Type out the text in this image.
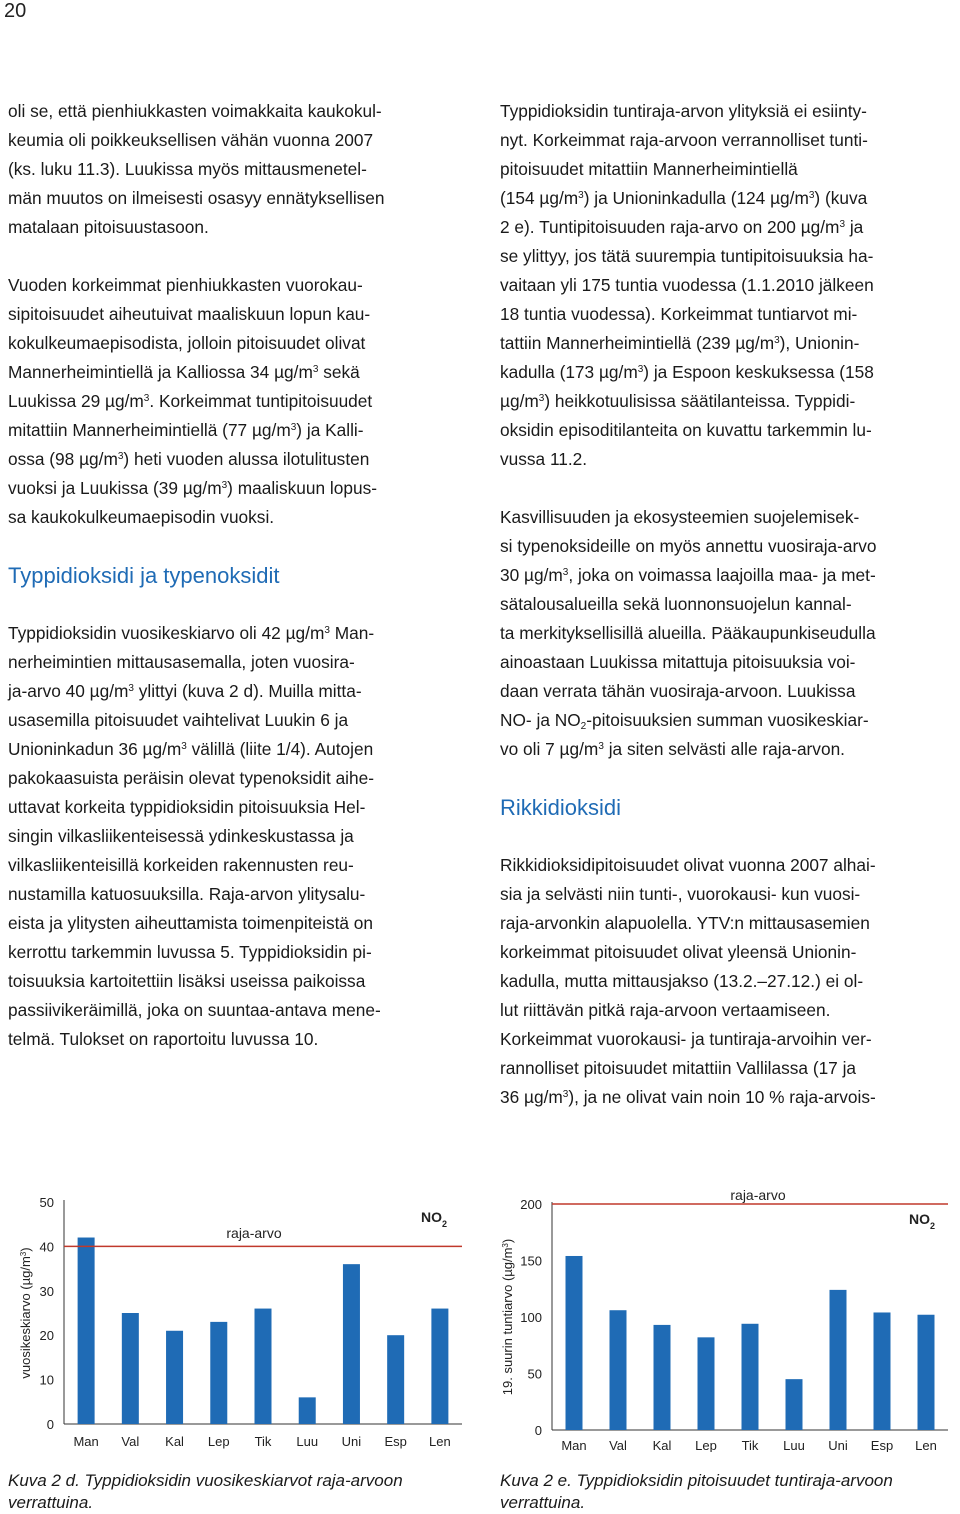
20
oli se, että pienhiukkasten voimakkaita kaukokul-
keumia oli poikkeuksellisen vähän vuonna 2007
(ks. luku 11.3). Luukissa myös mittausmenetel-
män muutos on ilmeisesti osasyy ennätyksellisen
matalaan pitoisuustasoon.
Vuoden korkeimmat pienhiukkasten vuorokau-
sipitoisuudet aiheutuivat maaliskuun lopun kau-
kokulkeumaepisodista, jolloin pitoisuudet olivat
Mannerheimintiellä ja Kalliossa 34 $\mu g/m^3$ sekä
Luukissa 29 $\mu g/m^3$. Korkeimmat tuntipitoisuudet
mitattiin Mannerheimintiellä (77 $\mu g/m^3$) ja Kalli-
ossa (98 $\mu g/m^3$) heti vuoden alussa ilotulitusten
vuoksi ja Luukissa (39 $\mu g/m^3$) maaliskuun lopus-
sa kaukokulkeumaepisodin vuoksi.
Typpidioksidi ja typenoksidit
Typpidioksidin vuosikeskiarvo oli 42 $\mu g/m^3$ Man-
nerheimintien mittausasemalla, joten vuosira-
ja-arvo 40 $\mu g/m^3$ ylittyi (kuva 2 d). Muilla mitta-
usasemilla pitoisuudet vaihtelivat Luukin 6 ja
Unioninkadun 36 $\mu g/m^3$ välillä (liite 1/4). Autojen
pakokaasuista peräisin olevat typenoksidit aihe-
uttavat korkeita typpidioksidin pitoisuuksia Hel-
singin vilkasliikenteisessä ydinkeskustassa ja
vilkasliikenteisillä korkeiden rakennusten reu-
nustamilla katuosuuksilla. Raja-arvon ylitysalu-
eista ja ylitysten aiheuttamista toimenpiteistä on
kerrottu tarkemmin luvussa 5. Typpidioksidin pi-
toisuuksia kartoitettiin lisäksi useissa paikoissa
passiivikeräimillä, joka on suuntaa-antava mene-
telmä. Tulokset on raportoitu luvussa 10.
Typpidioksidin tuntiraja-arvon ylityksiä ei esiinty-
nyt. Korkeimmat raja-arvoon verrannolliset tunti-
pitoisuudet mitattiin Mannerheimintiellä
(154 $\mu g/m^3$) ja Unioninkadulla (124 $\mu g/m^3$) (kuva
2 e). Tuntipitoisuuden raja-arvo on 200 $\mu g/m^3$ ja
se ylittyy, jos tätä suurempia tuntipitoisuuksia ha-
vaitaan yli 175 tuntia vuodessa (1.1.2010 jälkeen
18 tuntia vuodessa). Korkeimmat tuntiarvot mi-
tattiin Mannerheimintiellä (239 $\mu g/m^3$), Unionin-
kadulla (173 $\mu g/m^3$) ja Espoon keskuksessa (158
$\mu g/m^3$) heikkotuulisissa säätilanteissa. Typpidi-
oksidin episoditilanteita on kuvattu tarkemmin lu-
vussa 11.2.
Kasvillisuuden ja ekosysteemien suojelemisek-
si typenoksideille on myös annettu vuosiraja-arvo
30 $\mu g/m^3$, joka on voimassa laajoilla maa- ja met-
sätalousalueilla sekä luonnonsuojelun kannal-
ta merkityksellisillä alueilla. Pääkaupunkiseudulla
ainoastaan Luukissa mitattuja pitoisuuksia voi-
daan verrata tähän vuosiraja-arvoon. Luukissa
NO- ja $NO_2$-pitoisuuksien summan vuosikeskiar-
vo oli 7 $\mu g/m^3$ ja siten selvästi alle raja-arvon.
Rikkidioksidi
Rikkidioksidipitoisuudet olivat vuonna 2007 alhai-
sia ja selvästi niin tunti-, vuorokausi- kun vuosi-
raja-arvonkin alapuolella. YTV:n mittausasemien
korkeimmat pitoisuudet olivat yleensä Unionin-
kadulla, mutta mittausjakso (13.2.–27.12.) ei ol-
lut riittävän pitkä raja-arvoon vertaamiseen.
Korkeimmat vuorokausi- ja tuntiraja-arvoihin ver-
rannolliset pitoisuudet mitattiin Vallilassa (17 ja
36 $\mu g/m^3$), ja ne olivat vain noin 10 % raja-arvois-
0
10
20
30
40
50
vuosikeskiarvo $(\mu g/m^3)$
Man Val Kal Lep Tik Luu Uni Esp Len
raja-arvo
$NO_2$
Kuva 2 d. Typpidioksidin vuosikeskiarvot raja-arvoon
verrattuina.
0
50
100
150
200
19. suurin tuntiarvo $(\mu g/m^3)$
Man Val Kal Lep Tik Luu Uni Esp Len
raja-arvo
$NO_2$
Kuva 2 e. Typpidioksidin pitoisuudet tuntiraja-arvoon
verrattuina.
